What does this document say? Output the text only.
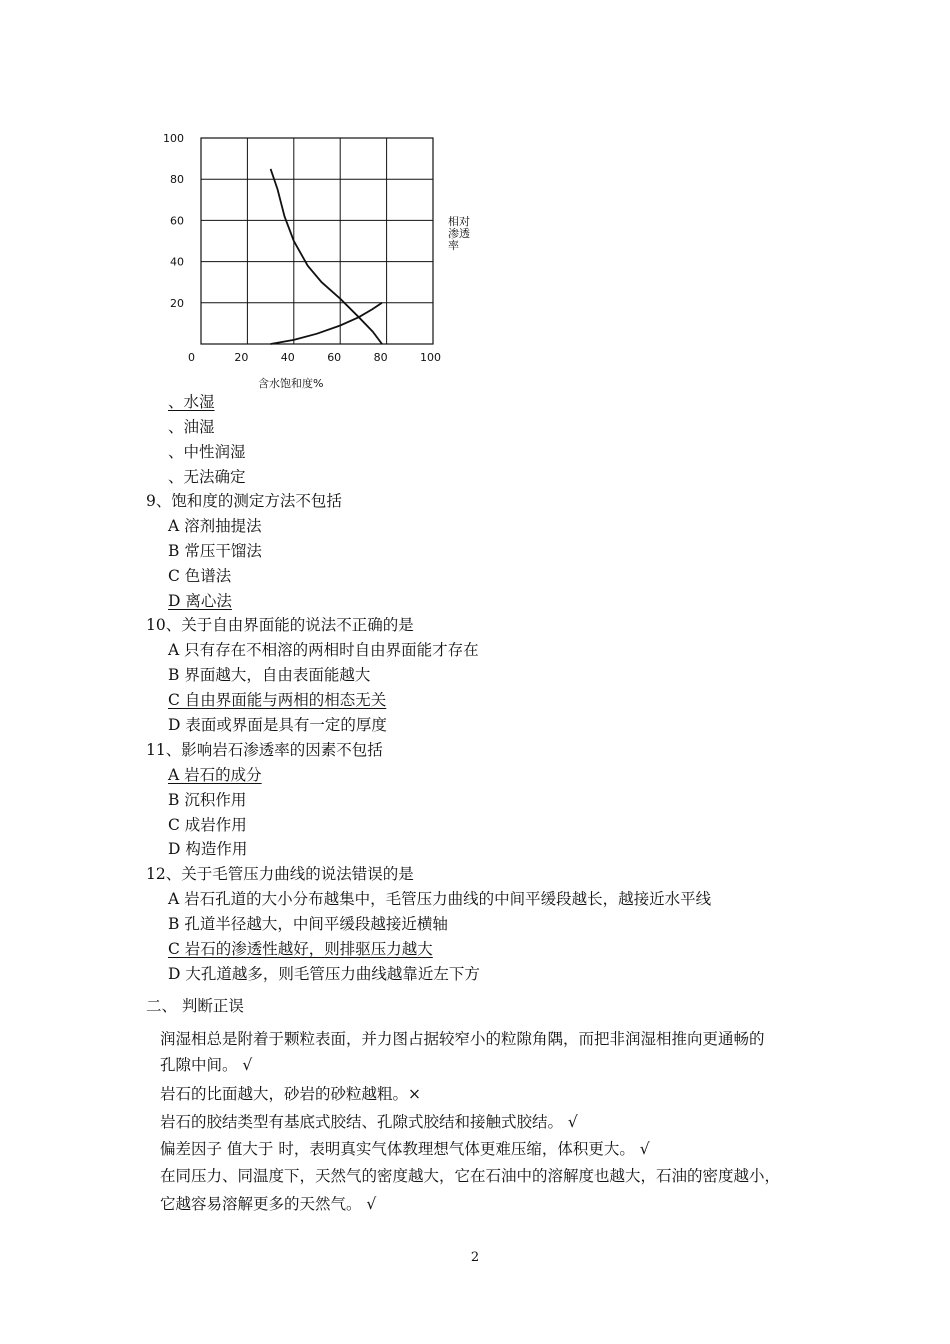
100
80
60
40
20
0	20	40	60	80	100
含水饱和度%
相对
渗透
率
、水湿
、油湿
、中性润湿
、无法确定
9、饱和度的测定方法不包括
A 溶剂抽提法
B 常压干馏法
C 色谱法
D 离心法
10、关于自由界面能的说法不正确的是
A 只有存在不相溶的两相时自由界面能才存在
B 界面越大，自由表面能越大
C 自由界面能与两相的相态无关
D 表面或界面是具有一定的厚度
11、影响岩石渗透率的因素不包括
A 岩石的成分
B 沉积作用
C 成岩作用
D 构造作用
12、关于毛管压力曲线的说法错误的是
A 岩石孔道的大小分布越集中，毛管压力曲线的中间平缓段越长，越接近水平线
B 孔道半径越大，中间平缓段越接近横轴
C 岩石的渗透性越好，则排驱压力越大
D 大孔道越多，则毛管压力曲线越靠近左下方
二、 判断正误
润湿相总是附着于颗粒表面，并力图占据较窄小的粒隙角隅，而把非润湿相推向更通畅的
孔隙中间。 √
岩石的比面越大，砂岩的砂粒越粗。×
岩石的胶结类型有基底式胶结、孔隙式胶结和接触式胶结。 √
偏差因子 值大于 时，表明真实气体教理想气体更难压缩，体积更大。 √
在同压力、同温度下，天然气的密度越大，它在石油中的溶解度也越大，石油的密度越小，
它越容易溶解更多的天然气。 √
2
